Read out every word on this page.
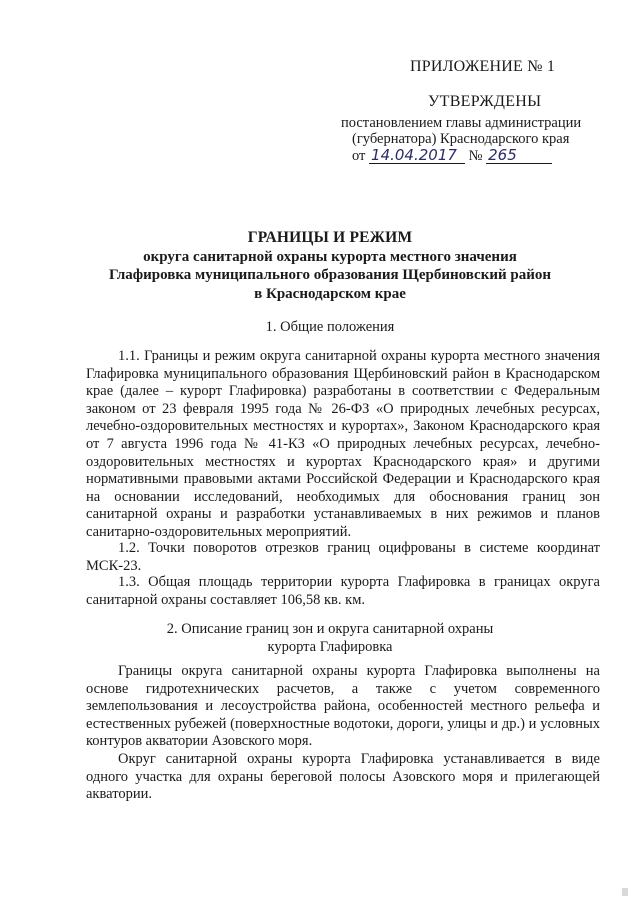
ПРИЛОЖЕНИЕ № 1
УТВЕРЖДЕНЫ
постановлением главы администрации
(губернатора) Краснодарского края
от 14.04.2017 № 265
ГРАНИЦЫ И РЕЖИМ
округа санитарной охраны курорта местного значения
Глафировка муниципального образования Щербиновский район
в Краснодарском крае
1. Общие положения
1.1. Границы и режим округа санитарной охраны курорта местного значения Глафировка муниципального образования Щербиновский район в Краснодарском крае (далее – курорт Глафировка) разработаны в соответствии с Федеральным законом от 23 февраля 1995 года № 26-ФЗ «О природных лечебных ресурсах, лечебно-оздоровительных местностях и курортах», Законом Краснодарского края от 7 августа 1996 года № 41-КЗ «О природных лечебных ресурсах, лечебно-оздоровительных местностях и курортах Краснодарского края» и другими нормативными правовыми актами Российской Федерации и Краснодарского края на основании исследований, необходимых для обоснования границ зон санитарной охраны и разработки устанавливаемых в них режимов и планов санитарно-оздоровительных мероприятий.
1.2. Точки поворотов отрезков границ оцифрованы в системе координат МСК-23.
1.3. Общая площадь территории курорта Глафировка в границах округа санитарной охраны составляет 106,58 кв. км.
2. Описание границ зон и округа санитарной охраны
курорта Глафировка
Границы округа санитарной охраны курорта Глафировка выполнены на основе гидротехнических расчетов, а также с учетом современного землепользования и лесоустройства района, особенностей местного рельефа и естественных рубежей (поверхностные водотоки, дороги, улицы и др.) и условных контуров акватории Азовского моря.
Округ санитарной охраны курорта Глафировка устанавливается в виде одного участка для охраны береговой полосы Азовского моря и прилегающей акватории.
